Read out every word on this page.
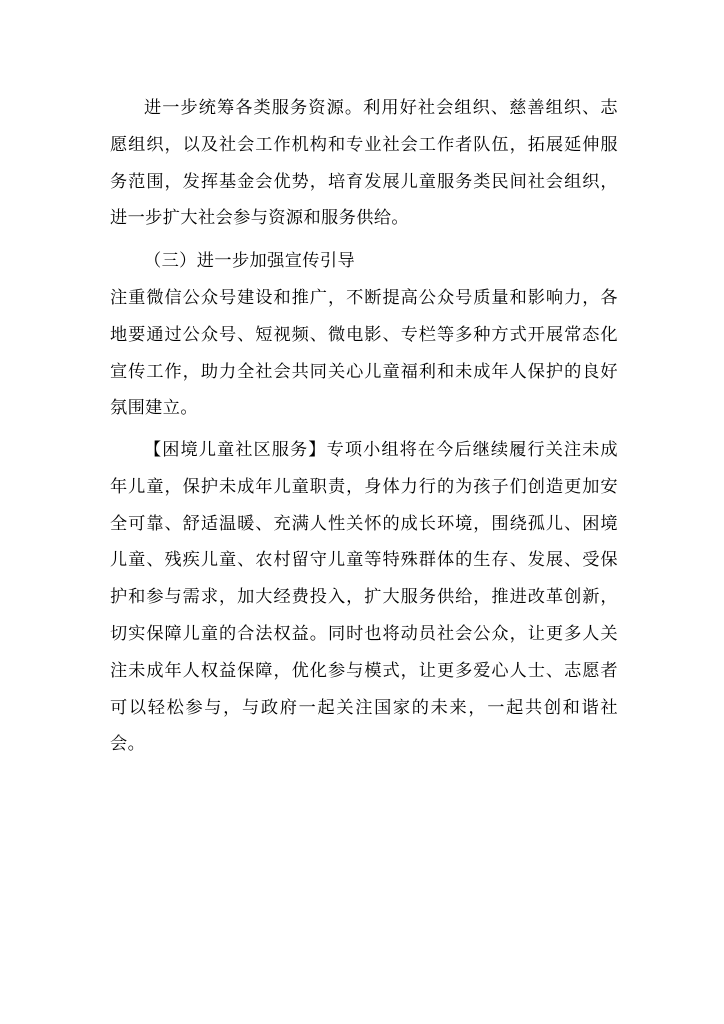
进一步统筹各类服务资源。利用好社会组织、慈善组织、志愿组织，以及社会工作机构和专业社会工作者队伍，拓展延伸服务范围，发挥基金会优势，培育发展儿童服务类民间社会组织，进一步扩大社会参与资源和服务供给。

（三）进一步加强宣传引导

注重微信公众号建设和推广，不断提高公众号质量和影响力，各地要通过公众号、短视频、微电影、专栏等多种方式开展常态化宣传工作，助力全社会共同关心儿童福利和未成年人保护的良好氛围建立。

【困境儿童社区服务】专项小组将在今后继续履行关注未成年儿童，保护未成年儿童职责，身体力行的为孩子们创造更加安全可靠、舒适温暖、充满人性关怀的成长环境，围绕孤儿、困境儿童、残疾儿童、农村留守儿童等特殊群体的生存、发展、受保护和参与需求，加大经费投入，扩大服务供给，推进改革创新，切实保障儿童的合法权益。同时也将动员社会公众，让更多人关注未成年人权益保障，优化参与模式，让更多爱心人士、志愿者可以轻松参与，与政府一起关注国家的未来，一起共创和谐社会。
